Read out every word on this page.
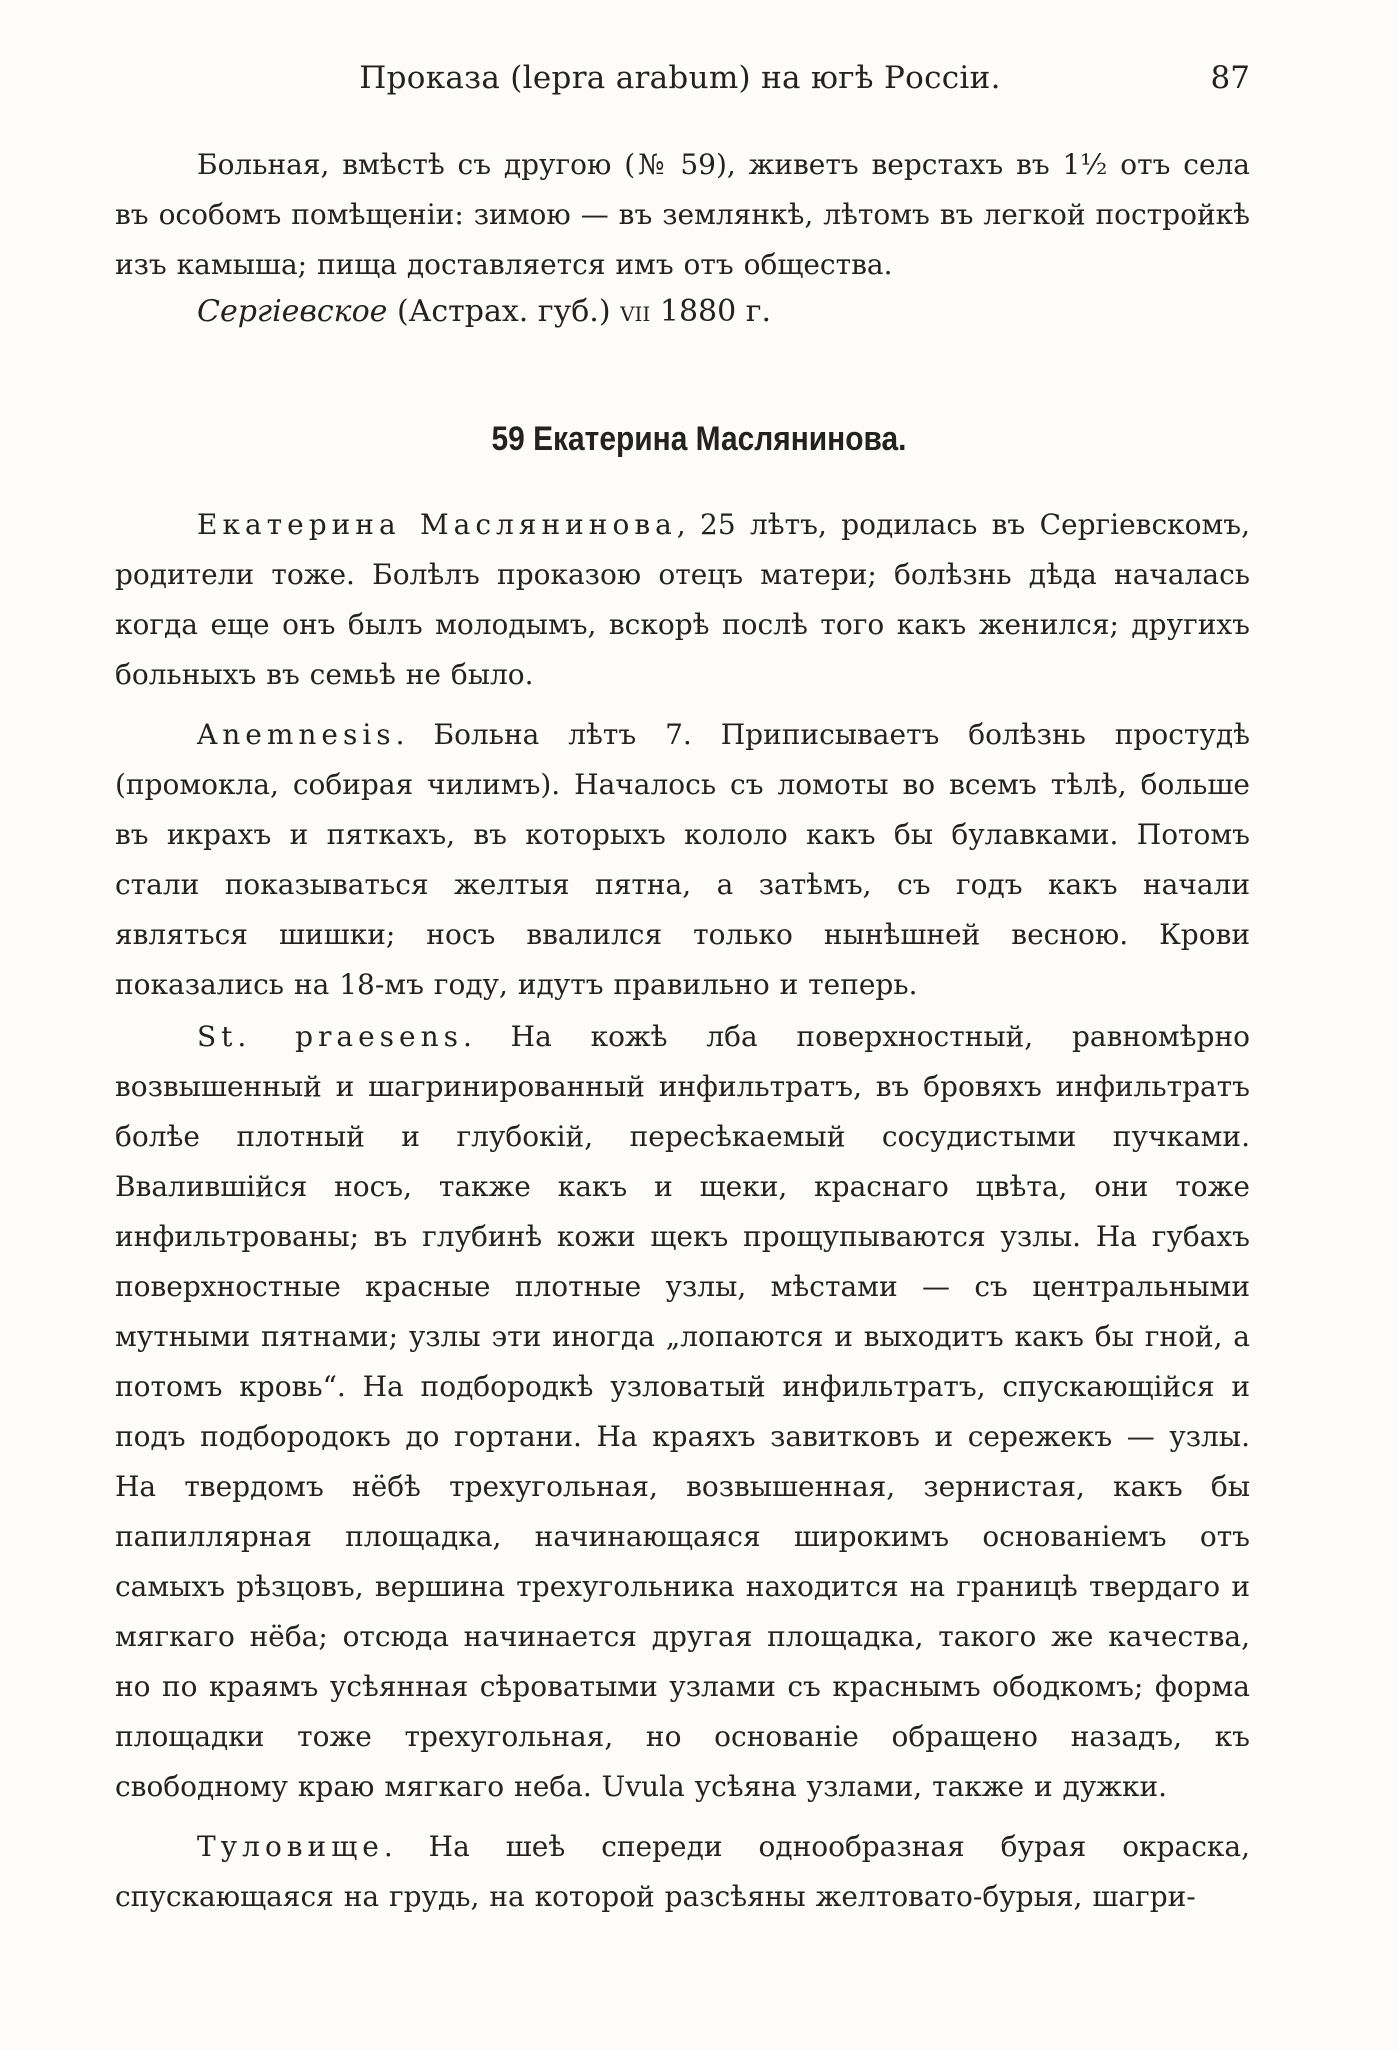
Проказа (lepra arabum) на югѣ Россіи.	87

Больная, вмѣстѣ съ другою (№ 59), живетъ верстахъ въ 1½ отъ села въ особомъ помѣщеніи: зимою — въ землянкѣ, лѣтомъ въ легкой постройкѣ изъ камыша; пища доставляется имъ отъ общества.

Сергіевское (Астрах. губ.) VII 1880 г.
59 Екатерина Маслянинова.

Екатерина Маслянинова, 25 лѣтъ, родилась въ Сергіевскомъ, родители тоже. Болѣлъ проказою отецъ матери; болѣзнь дѣда началась когда еще онъ былъ молодымъ, вскорѣ послѣ того какъ женился; другихъ больныхъ въ семьѣ не было.

Anemnesis. Больна лѣтъ 7. Приписываетъ болѣзнь простудѣ (промокла, собирая чилимъ). Началось съ ломоты во всемъ тѣлѣ, больше въ икрахъ и пяткахъ, въ которыхъ кололо какъ бы булавками. Потомъ стали показываться желтыя пятна, а затѣмъ, съ годъ какъ начали являться шишки; носъ ввалился только нынѣшней весною. Крови показались на 18-мъ году, идутъ правильно и теперь.

St. praesens. На кожѣ лба поверхностный, равномѣрно возвышенный и шагринированный инфильтратъ, въ бровяхъ инфильтратъ болѣе плотный и глубокій, пересѣкаемый сосудистыми пучками. Ввалившійся носъ, также какъ и щеки, краснаго цвѣта, они тоже инфильтрованы; въ глубинѣ кожи щекъ прощупываются узлы. На губахъ поверхностные красные плотные узлы, мѣстами — съ центральными мутными пятнами; узлы эти иногда „лопаются и выходитъ какъ бы гной, а потомъ кровь“. На подбородкѣ узловатый инфильтратъ, спускающійся и подъ подбородокъ до гортани. На краяхъ завитковъ и сережекъ — узлы. На твердомъ нёбѣ трехугольная, возвышенная, зернистая, какъ бы папиллярная площадка, начинающаяся широкимъ основаніемъ отъ самыхъ рѣзцовъ, вершина трехугольника находится на границѣ твердаго и мягкаго нёба; отсюда начинается другая площадка, такого же качества, но по краямъ усѣянная сѣроватыми узлами съ краснымъ ободкомъ; форма площадки тоже трехугольная, но основаніе обращено назадъ, къ свободному краю мягкаго неба. Uvula усѣяна узлами, также и дужки.

Туловище. На шеѣ спереди однообразная бурая окраска, спускающаяся на грудь, на которой разсѣяны желтовато-бурыя, шагри-
